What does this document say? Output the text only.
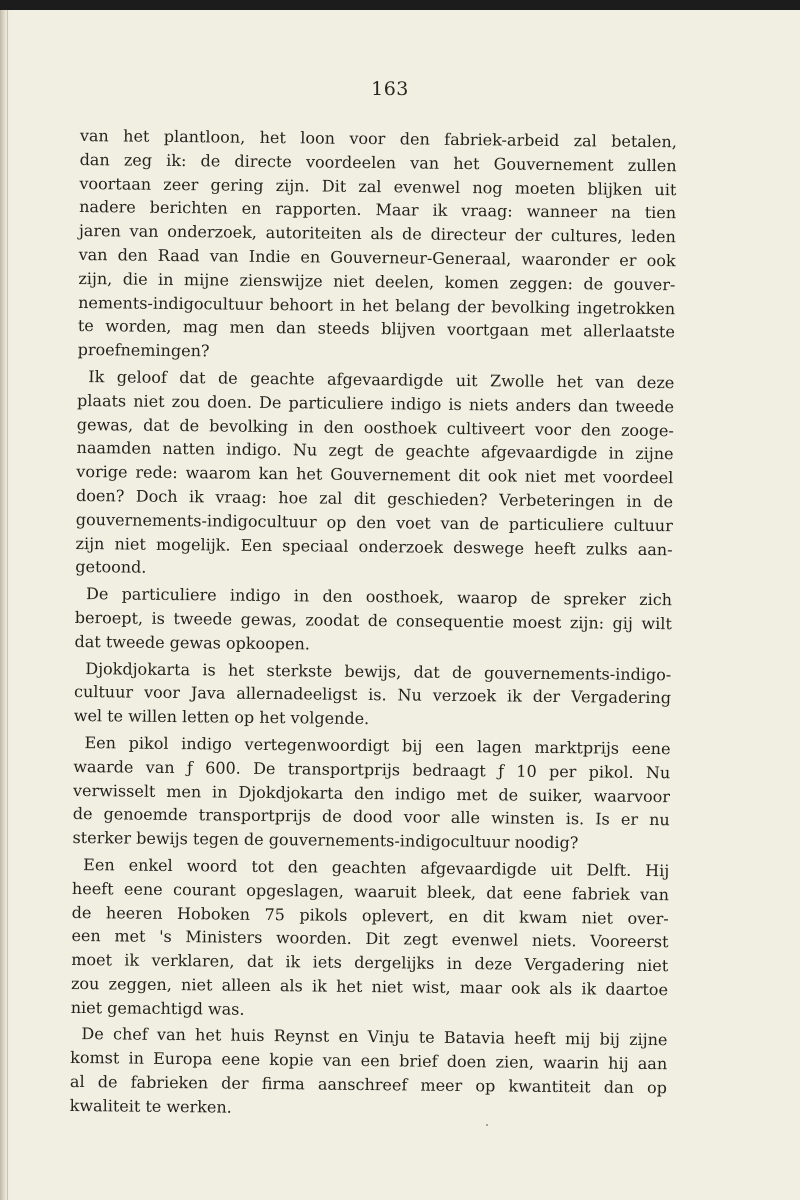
163
van het plantloon, het loon voor den fabriek-arbeid zal betalen,
dan zeg ik: de directe voordeelen van het Gouvernement zullen
voortaan zeer gering zijn. Dit zal evenwel nog moeten blijken uit
nadere berichten en rapporten. Maar ik vraag: wanneer na tien
jaren van onderzoek, autoriteiten als de directeur der cultures, leden
van den Raad van Indie en Gouverneur-Generaal, waaronder er ook
zijn, die in mijne zienswijze niet deelen, komen zeggen: de gouver-
nements-indigocultuur behoort in het belang der bevolking ingetrokken
te worden, mag men dan steeds blijven voortgaan met allerlaatste
proefnemingen?
Ik geloof dat de geachte afgevaardigde uit Zwolle het van deze
plaats niet zou doen. De particuliere indigo is niets anders dan tweede
gewas, dat de bevolking in den oosthoek cultiveert voor den zooge-
naamden natten indigo. Nu zegt de geachte afgevaardigde in zijne
vorige rede: waarom kan het Gouvernement dit ook niet met voordeel
doen? Doch ik vraag: hoe zal dit geschieden? Verbeteringen in de
gouvernements-indigocultuur op den voet van de particuliere cultuur
zijn niet mogelijk. Een speciaal onderzoek deswege heeft zulks aan-
getoond.
De particuliere indigo in den oosthoek, waarop de spreker zich
beroept, is tweede gewas, zoodat de consequentie moest zijn: gij wilt
dat tweede gewas opkoopen.
Djokdjokarta is het sterkste bewijs, dat de gouvernements-indigo-
cultuur voor Java allernadeeligst is. Nu verzoek ik der Vergadering
wel te willen letten op het volgende.
Een pikol indigo vertegenwoordigt bij een lagen marktprijs eene
waarde van ƒ 600. De transportprijs bedraagt ƒ 10 per pikol. Nu
verwisselt men in Djokdjokarta den indigo met de suiker, waarvoor
de genoemde transportprijs de dood voor alle winsten is. Is er nu
sterker bewijs tegen de gouvernements-indigocultuur noodig?
Een enkel woord tot den geachten afgevaardigde uit Delft. Hij
heeft eene courant opgeslagen, waaruit bleek, dat eene fabriek van
de heeren Hoboken 75 pikols oplevert, en dit kwam niet over-
een met 's Ministers woorden. Dit zegt evenwel niets. Vooreerst
moet ik verklaren, dat ik iets dergelijks in deze Vergadering niet
zou zeggen, niet alleen als ik het niet wist, maar ook als ik daartoe
niet gemachtigd was.
De chef van het huis Reynst en Vinju te Batavia heeft mij bij zijne
komst in Europa eene kopie van een brief doen zien, waarin hij aan
al de fabrieken der firma aanschreef meer op kwantiteit dan op
kwaliteit te werken.
